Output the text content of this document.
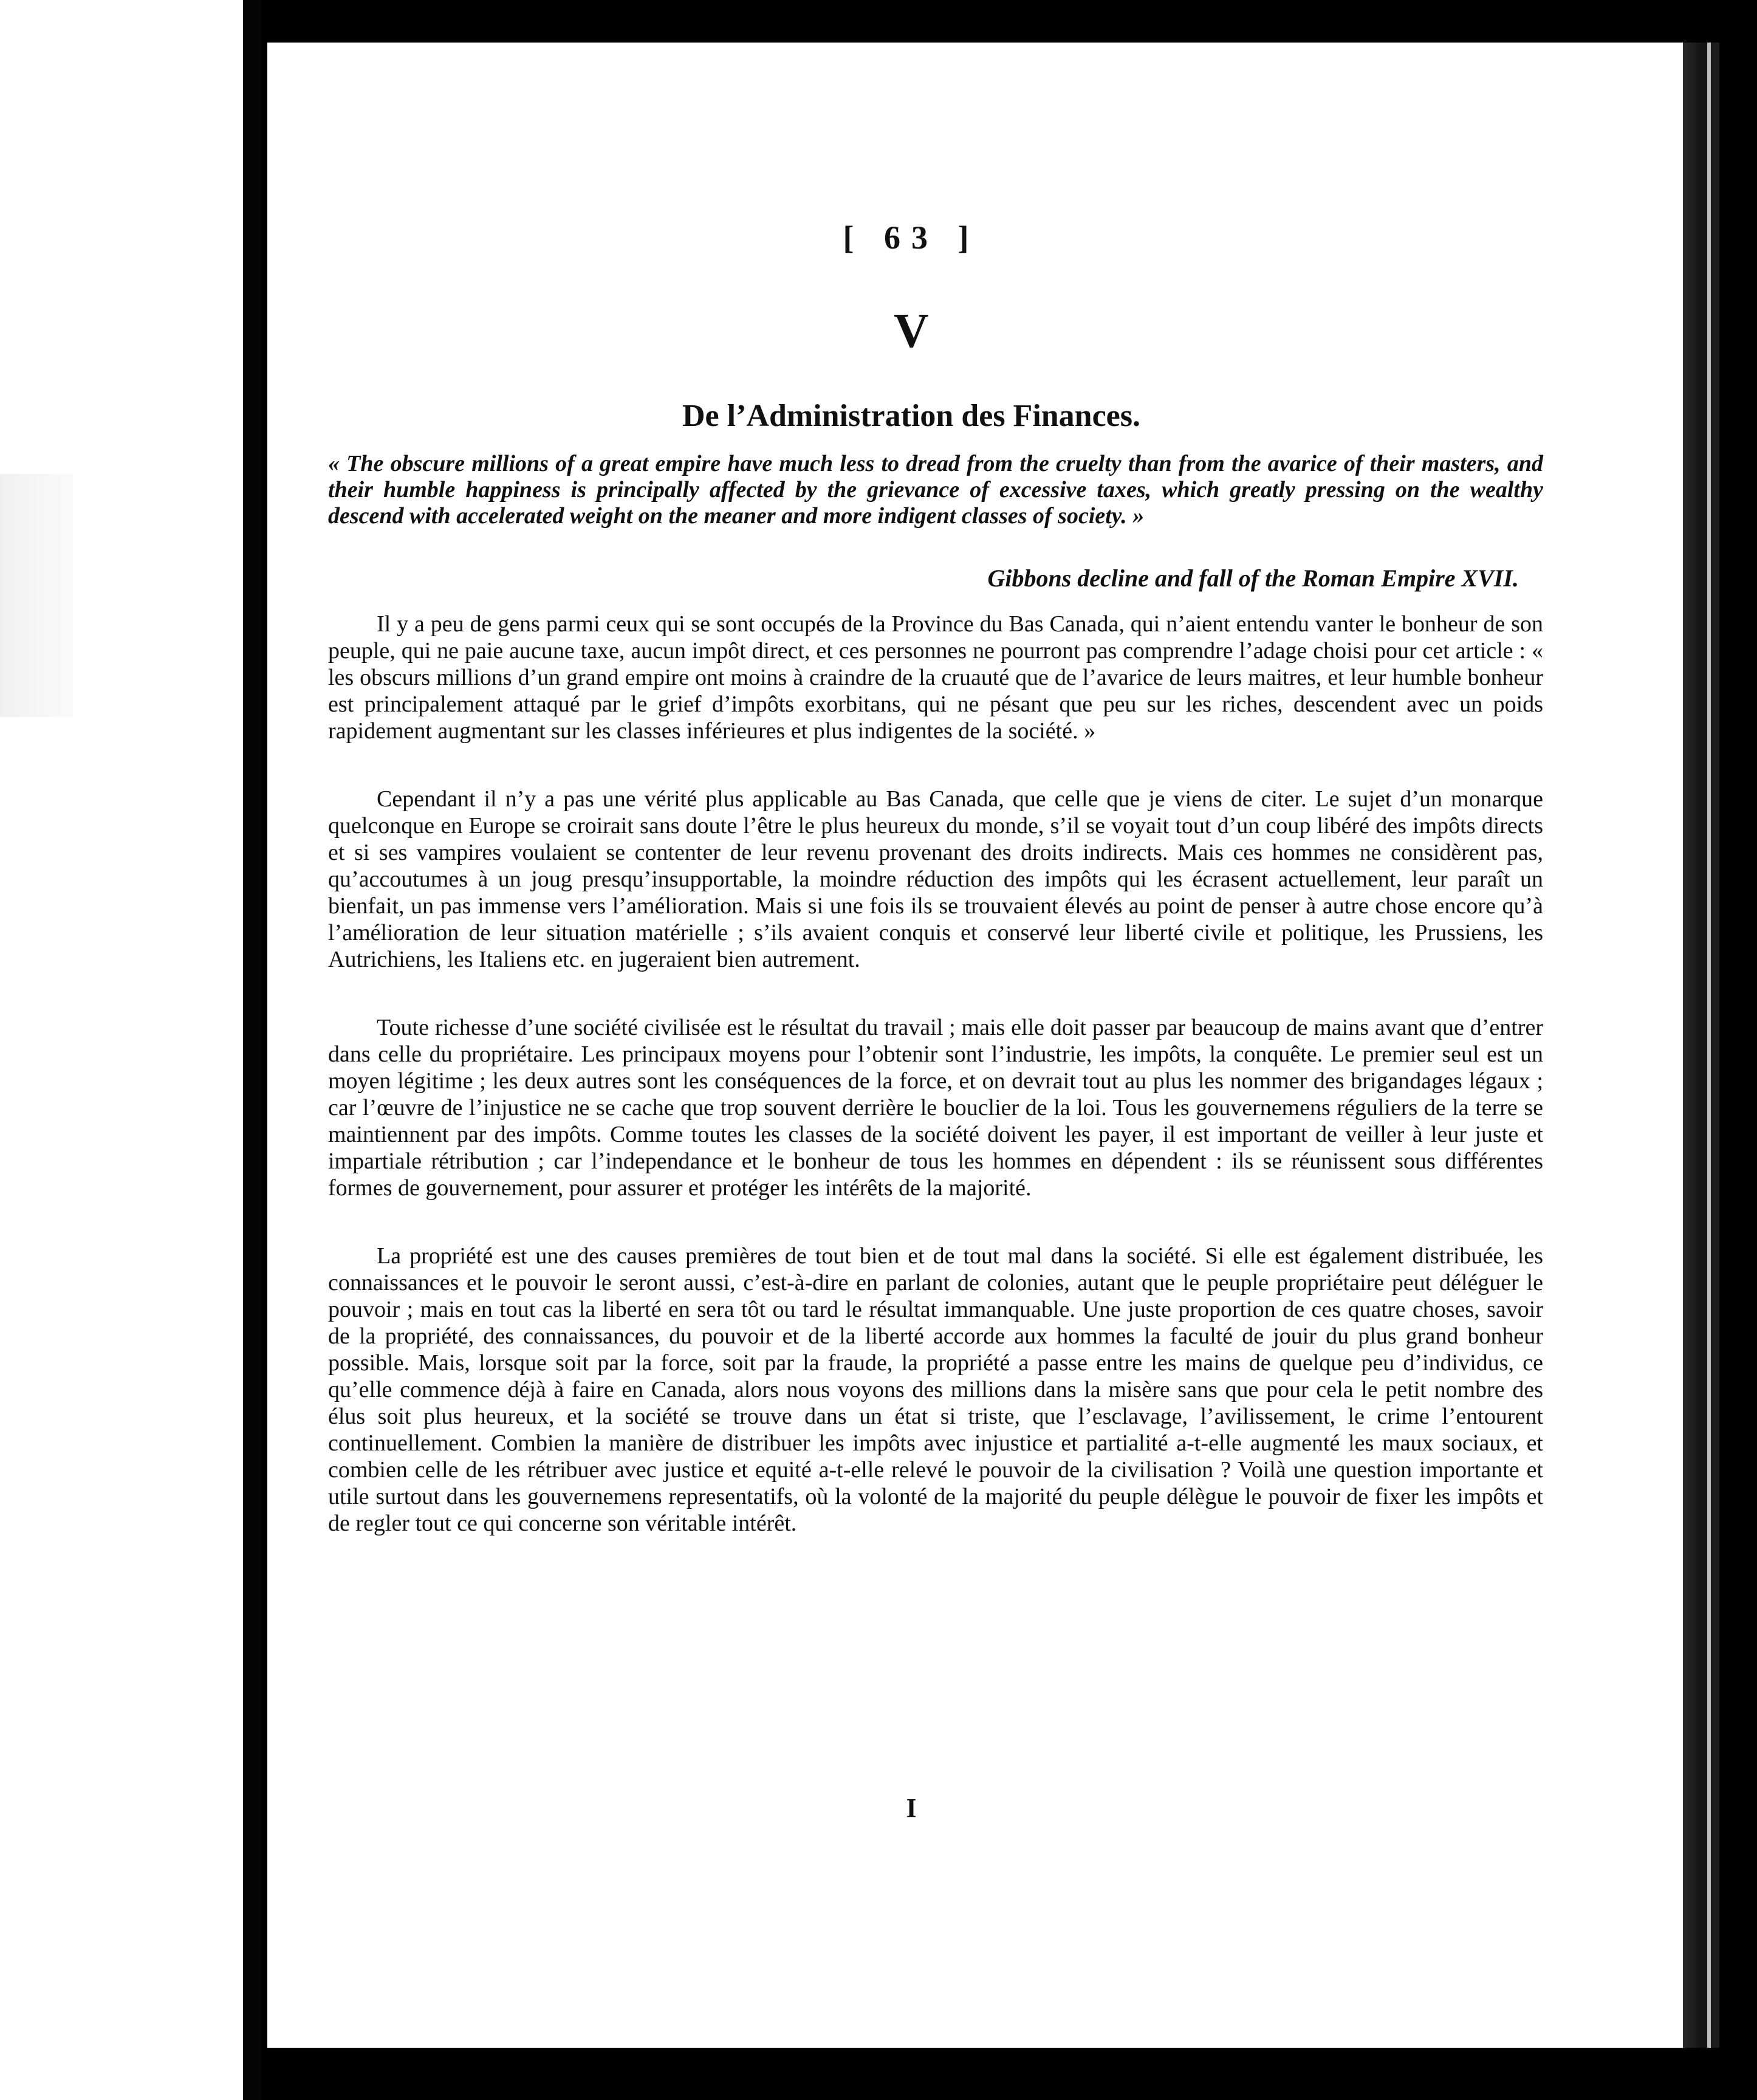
[ 63 ]
V
De l’Administration des Finances.

« The obscure millions of a great empire have much less to dread from the cruelty than from the avarice of their masters, and their humble happiness is principally affected by the grievance of excessive taxes, which greatly pressing on the wealthy descend with accelerated weight on the meaner and more indigent classes of society. »

Gibbons decline and fall of the Roman Empire XVII.

Il y a peu de gens parmi ceux qui se sont occupés de la Province du Bas Canada, qui n’aient entendu vanter le bonheur de son peuple, qui ne paie aucune taxe, aucun impôt direct, et ces personnes ne pourront pas comprendre l’adage choisi pour cet article : « les obscurs millions d’un grand empire ont moins à craindre de la cruauté que de l’avarice de leurs maitres, et leur humble bonheur est principalement attaqué par le grief d’impôts exorbitans, qui ne pésant que peu sur les riches, descendent avec un poids rapidement augmentant sur les classes inférieures et plus indigentes de la société. »

Cependant il n’y a pas une vérité plus applicable au Bas Canada, que celle que je viens de citer. Le sujet d’un monarque quelconque en Europe se croirait sans doute l’être le plus heureux du monde, s’il se voyait tout d’un coup libéré des impôts directs et si ses vampires voulaient se contenter de leur revenu provenant des droits indirects. Mais ces hommes ne considèrent pas, qu’accoutumes à un joug presqu’insupportable, la moindre réduction des impôts qui les écrasent actuellement, leur paraît un bienfait, un pas immense vers l’amélioration. Mais si une fois ils se trouvaient élevés au point de penser à autre chose encore qu’à l’amélioration de leur situation matérielle ; s’ils avaient conquis et conservé leur liberté civile et politique, les Prussiens, les Autrichiens, les Italiens etc. en jugeraient bien autrement.

Toute richesse d’une société civilisée est le résultat du travail ; mais elle doit passer par beaucoup de mains avant que d’entrer dans celle du propriétaire. Les principaux moyens pour l’obtenir sont l’industrie, les impôts, la conquête. Le premier seul est un moyen légitime ; les deux autres sont les conséquences de la force, et on devrait tout au plus les nommer des brigandages légaux ; car l’œuvre de l’injustice ne se cache que trop souvent derrière le bouclier de la loi. Tous les gouvernemens réguliers de la terre se maintiennent par des impôts. Comme toutes les classes de la société doivent les payer, il est important de veiller à leur juste et impartiale rétribution ; car l’independance et le bonheur de tous les hommes en dépendent : ils se réunissent sous différentes formes de gouvernement, pour assurer et protéger les intérêts de la majorité.

La propriété est une des causes premières de tout bien et de tout mal dans la société. Si elle est également distribuée, les connaissances et le pouvoir le seront aussi, c’est-à-dire en parlant de colonies, autant que le peuple propriétaire peut déléguer le pouvoir ; mais en tout cas la liberté en sera tôt ou tard le résultat immanquable. Une juste proportion de ces quatre choses, savoir de la propriété, des connaissances, du pouvoir et de la liberté accorde aux hommes la faculté de jouir du plus grand bonheur possible. Mais, lorsque soit par la force, soit par la fraude, la propriété a passe entre les mains de quelque peu d’individus, ce qu’elle commence déjà à faire en Canada, alors nous voyons des millions dans la misère sans que pour cela le petit nombre des élus soit plus heureux, et la société se trouve dans un état si triste, que l’esclavage, l’avilissement, le crime l’entourent continuellement. Combien la manière de distribuer les impôts avec injustice et partialité a-t-elle augmenté les maux sociaux, et combien celle de les rétribuer avec justice et equité a-t-elle relevé le pouvoir de la civilisation ? Voilà une question importante et utile surtout dans les gouvernemens representatifs, où la volonté de la majorité du peuple délègue le pouvoir de fixer les impôts et de regler tout ce qui concerne son véritable intérêt.

I
